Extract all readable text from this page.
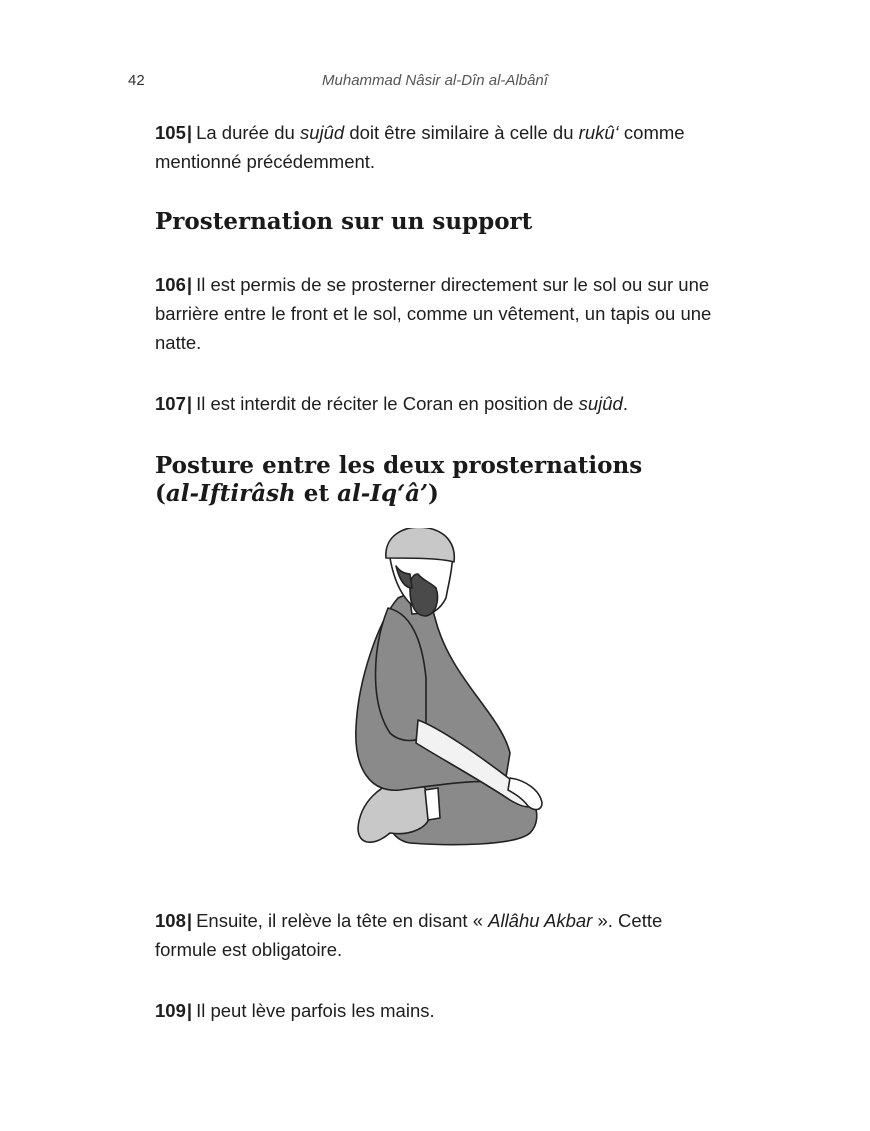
42	Muhammad Nâsir al-Dîn al-Albânî

105| La durée du sujûd doit être similaire à celle du rukû‘ comme mentionné précédemment.

Prosternation sur un support

106| Il est permis de se prosterner directement sur le sol ou sur une barrière entre le front et le sol, comme un vêtement, un tapis ou une natte.

107| Il est interdit de réciter le Coran en position de sujûd.

Posture entre les deux prosternations
(al-Iftirâsh et al-Iq‘â’)

108| Ensuite, il relève la tête en disant « Allâhu Akbar ». Cette formule est obligatoire.

109| Il peut lève parfois les mains.
